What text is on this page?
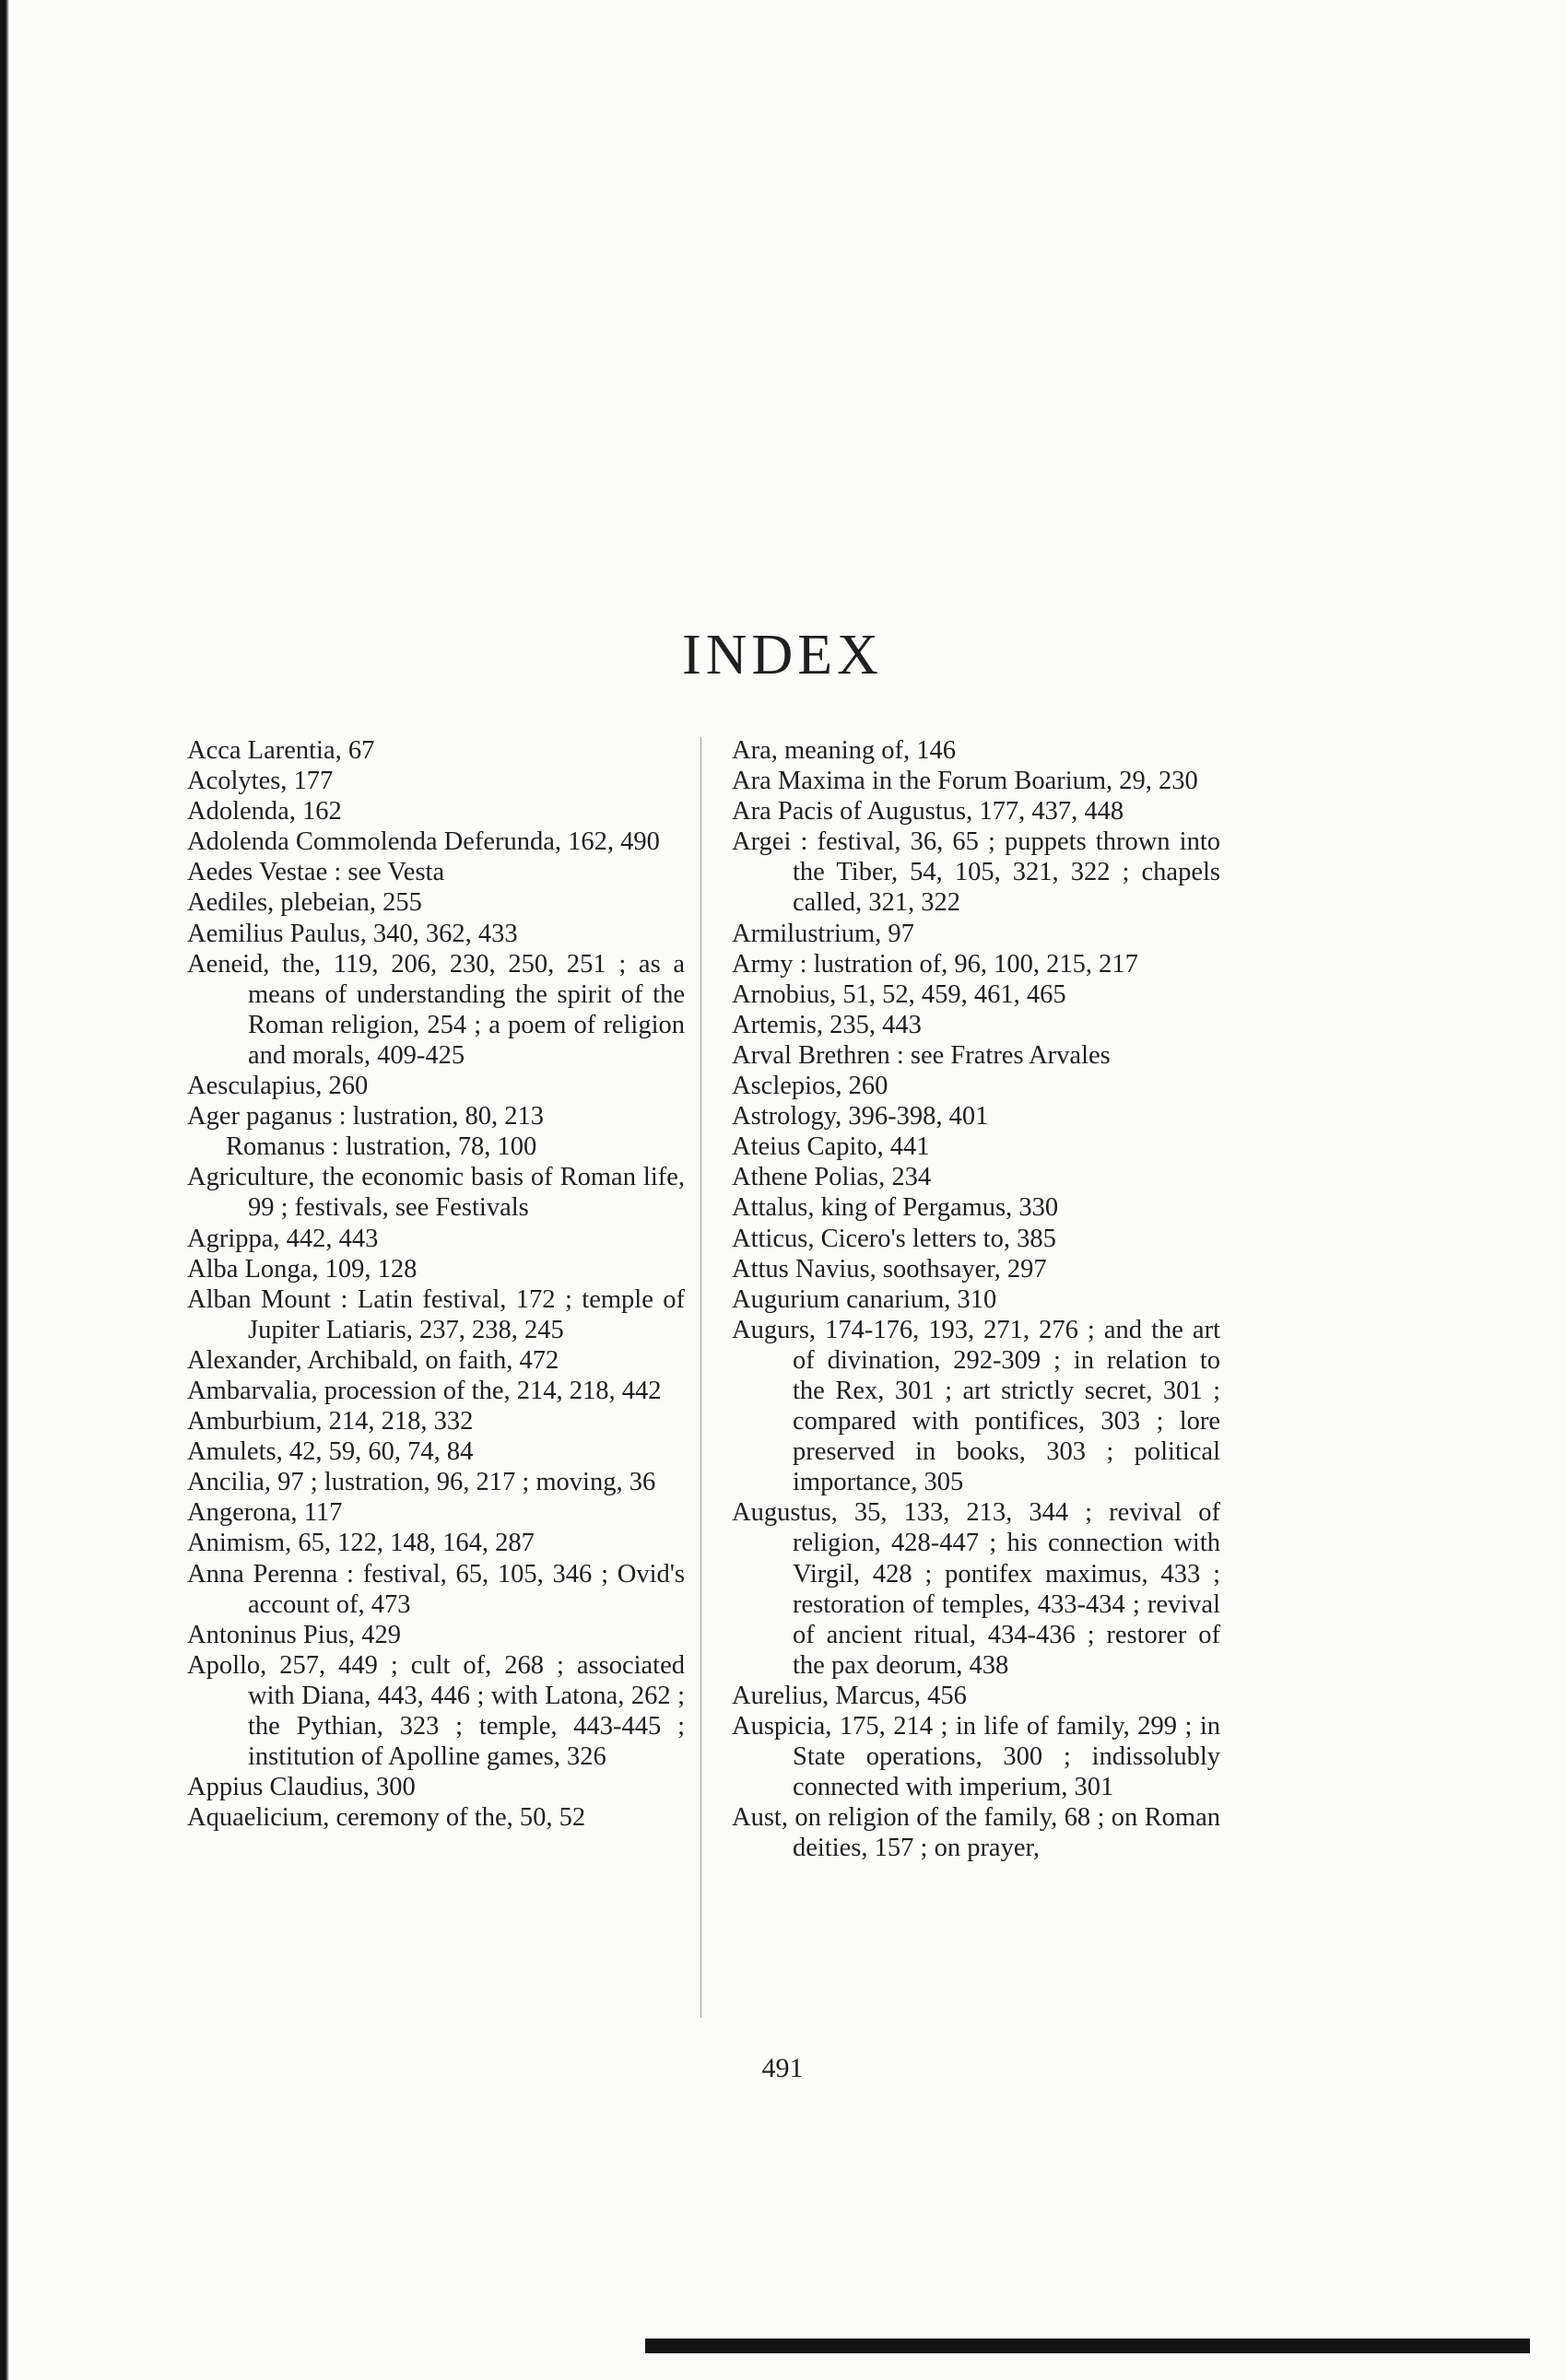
INDEX
Acca Larentia, 67
Acolytes, 177
Adolenda, 162
Adolenda Commolenda Deferunda, 162, 490
Aedes Vestae : see Vesta
Aediles, plebeian, 255
Aemilius Paulus, 340, 362, 433
Aeneid, the, 119, 206, 230, 250, 251 ; as a means of understanding the spirit of the Roman religion, 254 ; a poem of religion and morals, 409-425
Aesculapius, 260
Ager paganus : lustration, 80, 213
Romanus : lustration, 78, 100
Agriculture, the economic basis of Roman life, 99 ; festivals, see Festivals
Agrippa, 442, 443
Alba Longa, 109, 128
Alban Mount : Latin festival, 172 ; temple of Jupiter Latiaris, 237, 238, 245
Alexander, Archibald, on faith, 472
Ambarvalia, procession of the, 214, 218, 442
Amburbium, 214, 218, 332
Amulets, 42, 59, 60, 74, 84
Ancilia, 97 ; lustration, 96, 217 ; moving, 36
Angerona, 117
Animism, 65, 122, 148, 164, 287
Anna Perenna : festival, 65, 105, 346 ; Ovid's account of, 473
Antoninus Pius, 429
Apollo, 257, 449 ; cult of, 268 ; associated with Diana, 443, 446 ; with Latona, 262 ; the Pythian, 323 ; temple, 443-445 ; institution of Apolline games, 326
Appius Claudius, 300
Aquaelicium, ceremony of the, 50, 52
Ara, meaning of, 146
Ara Maxima in the Forum Boarium, 29, 230
Ara Pacis of Augustus, 177, 437, 448
Argei : festival, 36, 65 ; puppets thrown into the Tiber, 54, 105, 321, 322 ; chapels called, 321, 322
Armilustrium, 97
Army : lustration of, 96, 100, 215, 217
Arnobius, 51, 52, 459, 461, 465
Artemis, 235, 443
Arval Brethren : see Fratres Arvales
Asclepios, 260
Astrology, 396-398, 401
Ateius Capito, 441
Athene Polias, 234
Attalus, king of Pergamus, 330
Atticus, Cicero's letters to, 385
Attus Navius, soothsayer, 297
Augurium canarium, 310
Augurs, 174-176, 193, 271, 276 ; and the art of divination, 292-309 ; in relation to the Rex, 301 ; art strictly secret, 301 ; compared with pontifices, 303 ; lore preserved in books, 303 ; political importance, 305
Augustus, 35, 133, 213, 344 ; revival of religion, 428-447 ; his connection with Virgil, 428 ; pontifex maximus, 433 ; restoration of temples, 433-434 ; revival of ancient ritual, 434-436 ; restorer of the pax deorum, 438
Aurelius, Marcus, 456
Auspicia, 175, 214 ; in life of family, 299 ; in State operations, 300 ; indissolubly connected with imperium, 301
Aust, on religion of the family, 68 ; on Roman deities, 157 ; on prayer,
491
